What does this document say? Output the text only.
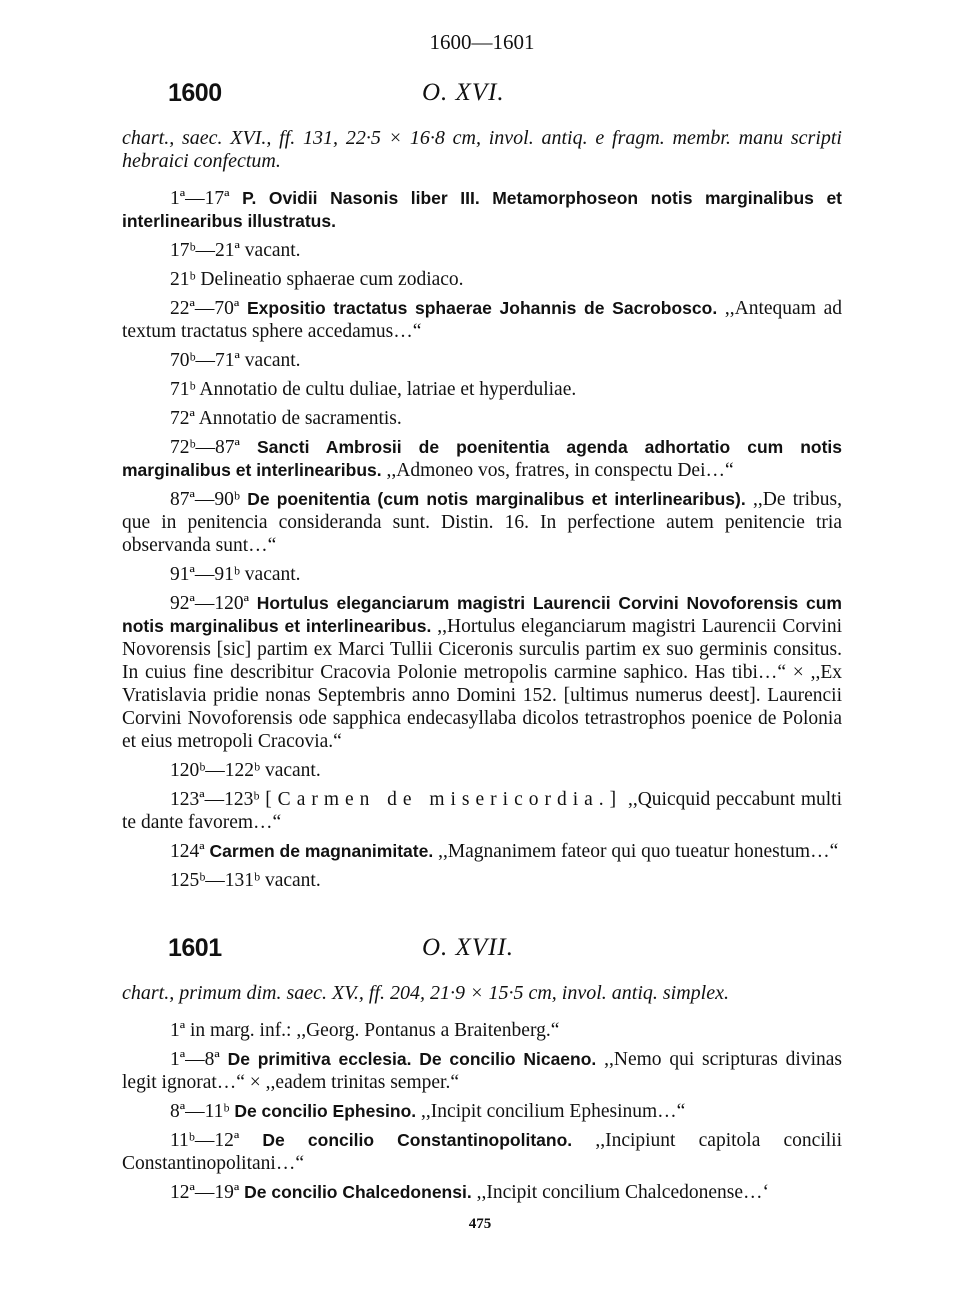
1600—1601
1600	O. XVI.
chart., saec. XVI., ff. 131, 22·5 × 16·8 cm, invol. antiq. e fragm. membr. manu scripti hebraici confectum.

1ª—17ª P. Ovidii Nasonis liber III. Metamorphoseon notis marginalibus et interlinearibus illustratus.

17ᵇ—21ª vacant.

21ᵇ Delineatio sphaerae cum zodiaco.

22ª—70ª Expositio tractatus sphaerae Johannis de Sacrobosco. ,,Antequam ad textum tractatus sphere accedamus…“

70ᵇ—71ª vacant.

71ᵇ Annotatio de cultu duliae, latriae et hyperduliae.

72ª Annotatio de sacramentis.

72ᵇ—87ª Sancti Ambrosii de poenitentia agenda adhortatio cum notis marginalibus et interlinearibus. ,,Admoneo vos, fratres, in conspectu Dei…“

87ª—90ᵇ De poenitentia (cum notis marginalibus et interlinearibus). ,,De tribus, que in penitencia consideranda sunt. Distin. 16. In perfectione autem penitencie tria observanda sunt…“

91ª—91ᵇ vacant.

92ª—120ª Hortulus eleganciarum magistri Laurencii Corvini Novoforensis cum notis marginalibus et interlinearibus. ,,Hortulus eleganciarum magistri Laurencii Corvini Novorensis [sic] partim ex Marci Tullii Ciceronis surculis partim ex suo germinis consitus. In cuius fine describitur Cracovia Polonie metropolis carmine saphico. Has tibi…“ × ,,Ex Vratislavia pridie nonas Septembris anno Domini 152. [ultimus numerus deest]. Laurencii Corvini Novoforensis ode sapphica endecasyllaba dicolos tetrastrophos poenice de Polonia et eius metropoli Cracovia.“

120ᵇ—122ᵇ vacant.

123ª—123ᵇ [Carmen de misericordia.] ,,Quicquid peccabunt multi te dante favorem…“

124ª Carmen de magnanimitate. ,,Magnanimem fateor qui quo tueatur honestum…“

125ᵇ—131ᵇ vacant.

1601	O. XVII.
chart., primum dim. saec. XV., ff. 204, 21·9 × 15·5 cm, invol. antiq. simplex.

1ª in marg. inf.: ,,Georg. Pontanus a Braitenberg.“

1ª—8ª De primitiva ecclesia. De concilio Nicaeno. ,,Nemo qui scripturas divinas legit ignorat…“ × ,,eadem trinitas semper.“

8ª—11ᵇ De concilio Ephesino. ,,Incipit concilium Ephesinum…“

11ᵇ—12ª De concilio Constantinopolitano. ,,Incipiunt capitola concilii Constantinopolitani…“

12ª—19ª De concilio Chalcedonensi. ,,Incipit concilium Chalcedonense…‘

475
